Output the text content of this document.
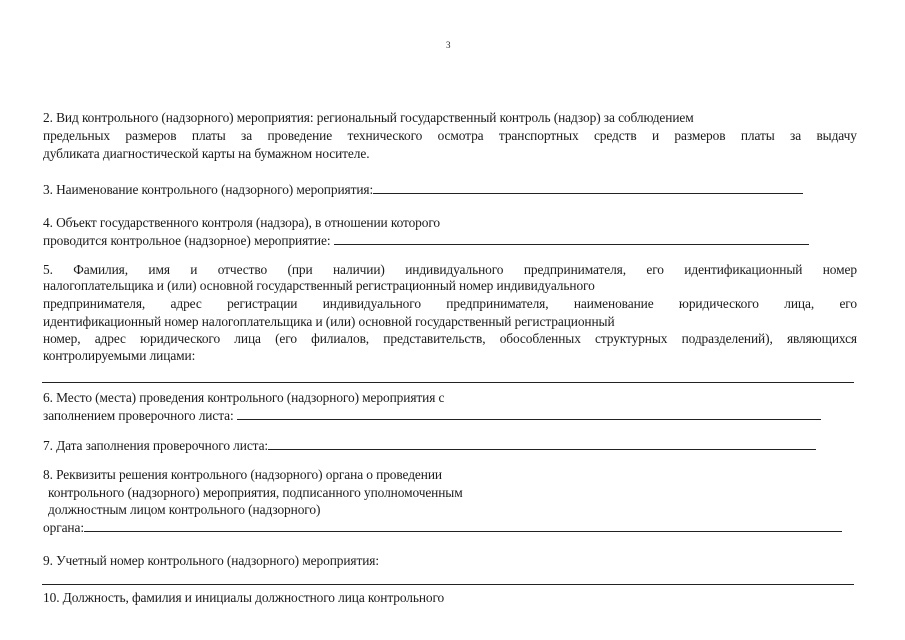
3
2. Вид контрольного (надзорного) мероприятия: региональный государственный контроль (надзор) за соблюдением
предельных размеров платы за проведение технического осмотра транспортных средств и размеров платы за выдачу
дубликата диагностической карты на бумажном носителе.
3. Наименование контрольного (надзорного) мероприятия:
4. Объект государственного контроля (надзора), в отношении которого
проводится контрольное (надзорное) мероприятие:
5. Фамилия, имя и отчество (при наличии) индивидуального предпринимателя, его идентификационный номер
налогоплательщика и (или) основной государственный регистрационный номер индивидуального
предпринимателя, адрес регистрации индивидуального предпринимателя, наименование юридического лица, его
идентификационный номер налогоплательщика и (или) основной государственный регистрационный
номер, адрес юридического лица (его филиалов, представительств, обособленных структурных подразделений), являющихся
контролируемыми лицами:
6. Место (места) проведения контрольного (надзорного) мероприятия с
заполнением проверочного листа:
7. Дата заполнения проверочного листа:
8. Реквизиты решения контрольного (надзорного) органа о проведении
контрольного (надзорного) мероприятия, подписанного уполномоченным
должностным лицом контрольного (надзорного)
органа:
9. Учетный номер контрольного (надзорного) мероприятия:
10. Должность, фамилия и инициалы должностного лица контрольного
